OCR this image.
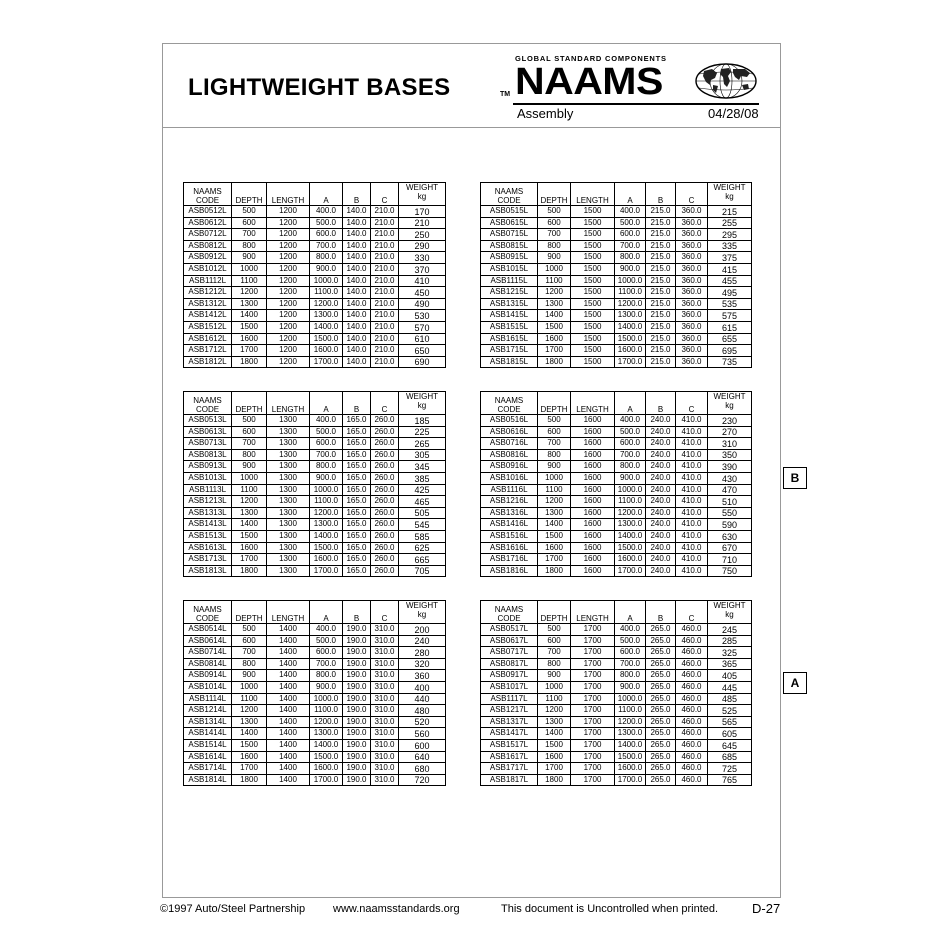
LIGHTWEIGHT BASES
GLOBAL STANDARD COMPONENTS
TM NAAMS
Assembly	04/28/08
NAAMS
CODE	DEPTH	LENGTH	A	B	C	WEIGHT
kg
ASB0512L	500	1200	400.0	140.0	210.0	170
ASB0612L	600	1200	500.0	140.0	210.0	210
ASB0712L	700	1200	600.0	140.0	210.0	250
ASB0812L	800	1200	700.0	140.0	210.0	290
ASB0912L	900	1200	800.0	140.0	210.0	330
ASB1012L	1000	1200	900.0	140.0	210.0	370
ASB1112L	1100	1200	1000.0	140.0	210.0	410
ASB1212L	1200	1200	1100.0	140.0	210.0	450
ASB1312L	1300	1200	1200.0	140.0	210.0	490
ASB1412L	1400	1200	1300.0	140.0	210.0	530
ASB1512L	1500	1200	1400.0	140.0	210.0	570
ASB1612L	1600	1200	1500.0	140.0	210.0	610
ASB1712L	1700	1200	1600.0	140.0	210.0	650
ASB1812L	1800	1200	1700.0	140.0	210.0	690
NAAMS
CODE	DEPTH	LENGTH	A	B	C	WEIGHT
kg
ASB0515L	500	1500	400.0	215.0	360.0	215
ASB0615L	600	1500	500.0	215.0	360.0	255
ASB0715L	700	1500	600.0	215.0	360.0	295
ASB0815L	800	1500	700.0	215.0	360.0	335
ASB0915L	900	1500	800.0	215.0	360.0	375
ASB1015L	1000	1500	900.0	215.0	360.0	415
ASB1115L	1100	1500	1000.0	215.0	360.0	455
ASB1215L	1200	1500	1100.0	215.0	360.0	495
ASB1315L	1300	1500	1200.0	215.0	360.0	535
ASB1415L	1400	1500	1300.0	215.0	360.0	575
ASB1515L	1500	1500	1400.0	215.0	360.0	615
ASB1615L	1600	1500	1500.0	215.0	360.0	655
ASB1715L	1700	1500	1600.0	215.0	360.0	695
ASB1815L	1800	1500	1700.0	215.0	360.0	735
NAAMS
CODE	DEPTH	LENGTH	A	B	C	WEIGHT
kg
ASB0513L	500	1300	400.0	165.0	260.0	185
ASB0613L	600	1300	500.0	165.0	260.0	225
ASB0713L	700	1300	600.0	165.0	260.0	265
ASB0813L	800	1300	700.0	165.0	260.0	305
ASB0913L	900	1300	800.0	165.0	260.0	345
ASB1013L	1000	1300	900.0	165.0	260.0	385
ASB1113L	1100	1300	1000.0	165.0	260.0	425
ASB1213L	1200	1300	1100.0	165.0	260.0	465
ASB1313L	1300	1300	1200.0	165.0	260.0	505
ASB1413L	1400	1300	1300.0	165.0	260.0	545
ASB1513L	1500	1300	1400.0	165.0	260.0	585
ASB1613L	1600	1300	1500.0	165.0	260.0	625
ASB1713L	1700	1300	1600.0	165.0	260.0	665
ASB1813L	1800	1300	1700.0	165.0	260.0	705
NAAMS
CODE	DEPTH	LENGTH	A	B	C	WEIGHT
kg
ASB0516L	500	1600	400.0	240.0	410.0	230
ASB0616L	600	1600	500.0	240.0	410.0	270
ASB0716L	700	1600	600.0	240.0	410.0	310
ASB0816L	800	1600	700.0	240.0	410.0	350
ASB0916L	900	1600	800.0	240.0	410.0	390
ASB1016L	1000	1600	900.0	240.0	410.0	430
ASB1116L	1100	1600	1000.0	240.0	410.0	470
ASB1216L	1200	1600	1100.0	240.0	410.0	510
ASB1316L	1300	1600	1200.0	240.0	410.0	550
ASB1416L	1400	1600	1300.0	240.0	410.0	590
ASB1516L	1500	1600	1400.0	240.0	410.0	630
ASB1616L	1600	1600	1500.0	240.0	410.0	670
ASB1716L	1700	1600	1600.0	240.0	410.0	710
ASB1816L	1800	1600	1700.0	240.0	410.0	750
NAAMS
CODE	DEPTH	LENGTH	A	B	C	WEIGHT
kg
ASB0514L	500	1400	400.0	190.0	310.0	200
ASB0614L	600	1400	500.0	190.0	310.0	240
ASB0714L	700	1400	600.0	190.0	310.0	280
ASB0814L	800	1400	700.0	190.0	310.0	320
ASB0914L	900	1400	800.0	190.0	310.0	360
ASB1014L	1000	1400	900.0	190.0	310.0	400
ASB1114L	1100	1400	1000.0	190.0	310.0	440
ASB1214L	1200	1400	1100.0	190.0	310.0	480
ASB1314L	1300	1400	1200.0	190.0	310.0	520
ASB1414L	1400	1400	1300.0	190.0	310.0	560
ASB1514L	1500	1400	1400.0	190.0	310.0	600
ASB1614L	1600	1400	1500.0	190.0	310.0	640
ASB1714L	1700	1400	1600.0	190.0	310.0	680
ASB1814L	1800	1400	1700.0	190.0	310.0	720
NAAMS
CODE	DEPTH	LENGTH	A	B	C	WEIGHT
kg
ASB0517L	500	1700	400.0	265.0	460.0	245
ASB0617L	600	1700	500.0	265.0	460.0	285
ASB0717L	700	1700	600.0	265.0	460.0	325
ASB0817L	800	1700	700.0	265.0	460.0	365
ASB0917L	900	1700	800.0	265.0	460.0	405
ASB1017L	1000	1700	900.0	265.0	460.0	445
ASB1117L	1100	1700	1000.0	265.0	460.0	485
ASB1217L	1200	1700	1100.0	265.0	460.0	525
ASB1317L	1300	1700	1200.0	265.0	460.0	565
ASB1417L	1400	1700	1300.0	265.0	460.0	605
ASB1517L	1500	1700	1400.0	265.0	460.0	645
ASB1617L	1600	1700	1500.0	265.0	460.0	685
ASB1717L	1700	1700	1600.0	265.0	460.0	725
ASB1817L	1800	1700	1700.0	265.0	460.0	765
B
A
©1997 Auto/Steel Partnership	www.naamsstandards.org	This document is Uncontrolled when printed.	D-27
